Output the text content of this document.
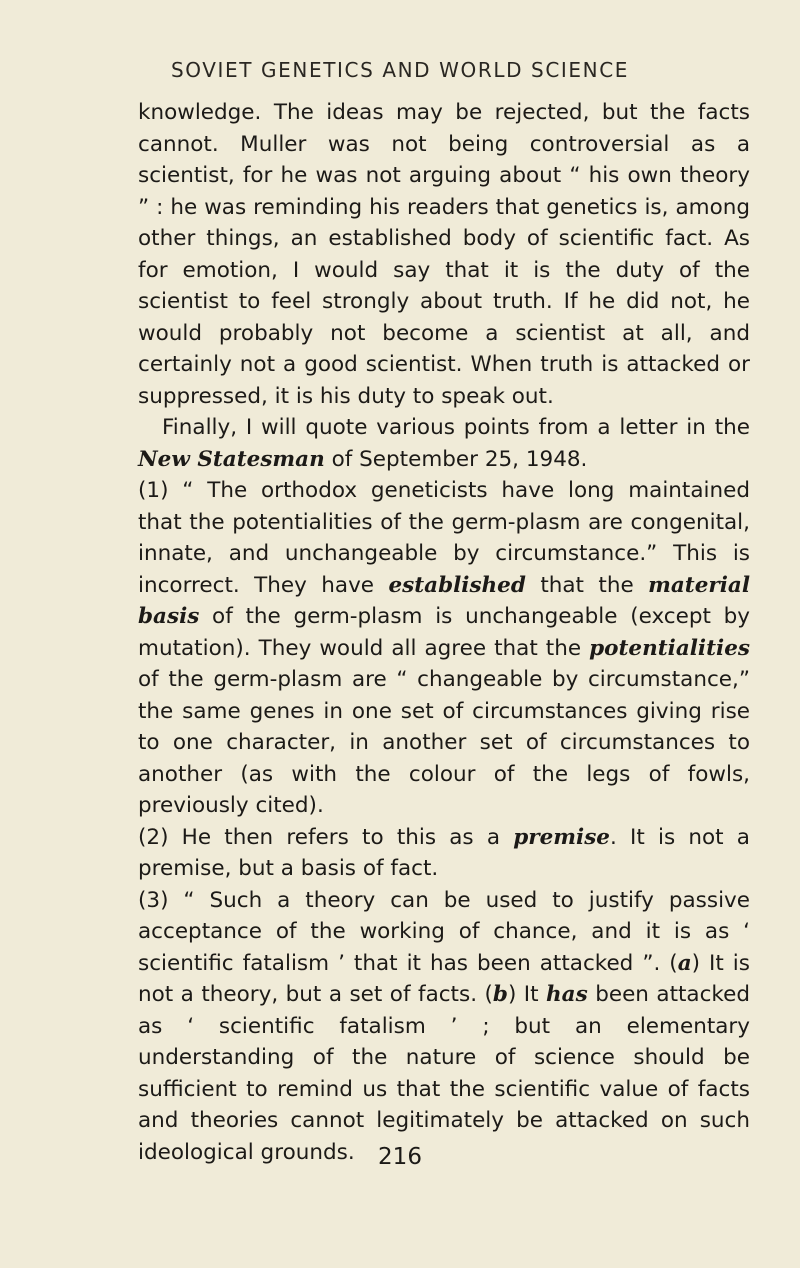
SOVIET GENETICS AND WORLD SCIENCE

knowledge. The ideas may be rejected, but the facts cannot. Muller was not being controversial as a scientist, for he was not arguing about “ his own theory ” : he was reminding his readers that genetics is, among other things, an established body of scientific fact. As for emotion, I would say that it is the duty of the scientist to feel strongly about truth. If he did not, he would probably not become a scientist at all, and certainly not a good scientist. When truth is attacked or suppressed, it is his duty to speak out.

Finally, I will quote various points from a letter in the New Statesman of September 25, 1948.

(1) “ The orthodox geneticists have long maintained that the potentialities of the germ-plasm are congenital, innate, and unchangeable by circumstance.” This is incorrect. They have established that the material basis of the germ-plasm is unchangeable (except by mutation). They would all agree that the potentialities of the germ-plasm are “ changeable by circumstance,” the same genes in one set of circumstances giving rise to one character, in another set of circumstances to another (as with the colour of the legs of fowls, previously cited).

(2) He then refers to this as a premise. It is not a premise, but a basis of fact.

(3) “ Such a theory can be used to justify passive acceptance of the working of chance, and it is as ‘ scientific fatalism ’ that it has been attacked ”. (a) It is not a theory, but a set of facts. (b) It has been attacked as ‘ scientific fatalism ’ ; but an elementary understanding of the nature of science should be sufficient to remind us that the scientific value of facts and theories cannot legitimately be attacked on such ideological grounds.	216
